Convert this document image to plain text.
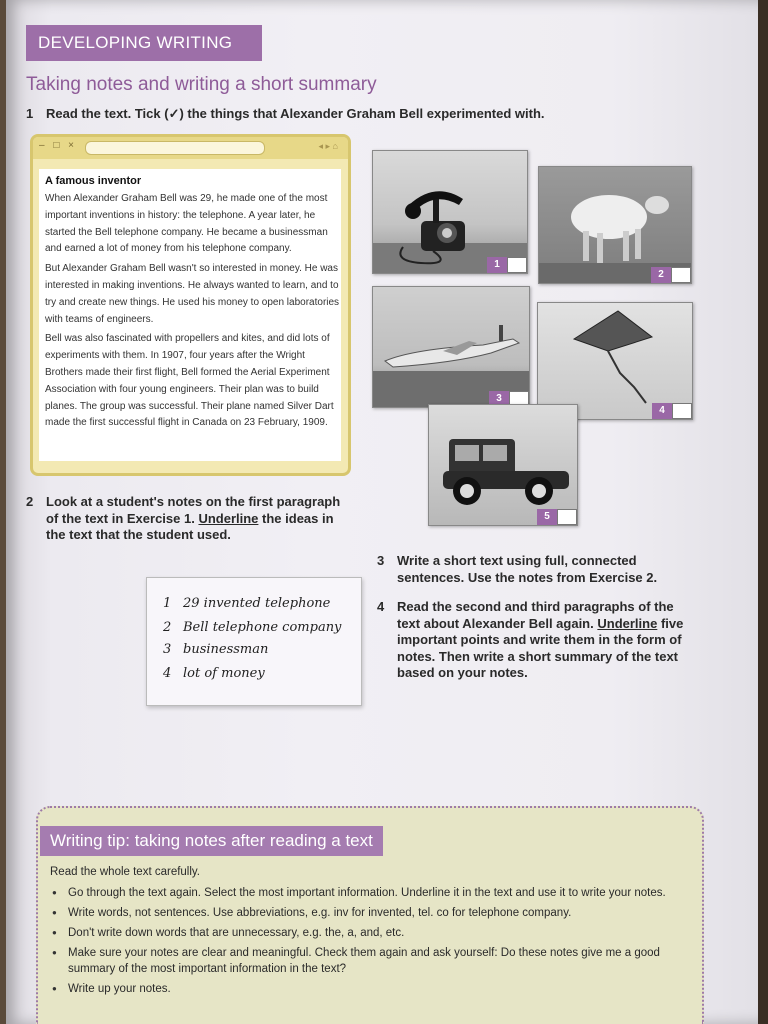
DEVELOPING WRITING
Taking notes and writing a short summary
1 Read the text. Tick (✓) the things that Alexander Graham Bell experimented with.
– □ ×	◂ ▸ ⌂
A famous inventor

When Alexander Graham Bell was 29, he made one of the most important inventions in history: the telephone. A year later, he started the Bell telephone company. He became a businessman and earned a lot of money from his telephone company.

But Alexander Graham Bell wasn't so interested in money. He was interested in making inventions. He always wanted to learn, and to try and create new things. He used his money to open laboratories with teams of engineers.

Bell was also fascinated with propellers and kites, and did lots of experiments with them. In 1907, four years after the Wright Brothers made their first flight, Bell formed the Aerial Experiment Association with four young engineers. Their plan was to build planes. The group was successful. Their plane named Silver Dart made the first successful flight in Canada on 23 February, 1909.

1
2
3
4
5
2 Look at a student's notes on the first paragraph of the text in Exercise 1. Underline the ideas in the text that the student used.
1 29 invented telephone
2 Bell telephone company
3 businessman
4 lot of money
3 Write a short text using full, connected sentences. Use the notes from Exercise 2.
4 Read the second and third paragraphs of the text about Alexander Bell again. Underline five important points and write them in the form of notes. Then write a short summary of the text based on your notes.
Writing tip: taking notes after reading a text
Read the whole text carefully.
● Go through the text again. Select the most important information. Underline it in the text and use it to write your notes.
● Write words, not sentences. Use abbreviations, e.g. inv for invented, tel. co for telephone company.
● Don't write down words that are unnecessary, e.g. the, a, and, etc.
● Make sure your notes are clear and meaningful. Check them again and ask yourself: Do these notes give me a good summary of the most important information in the text?
● Write up your notes.
